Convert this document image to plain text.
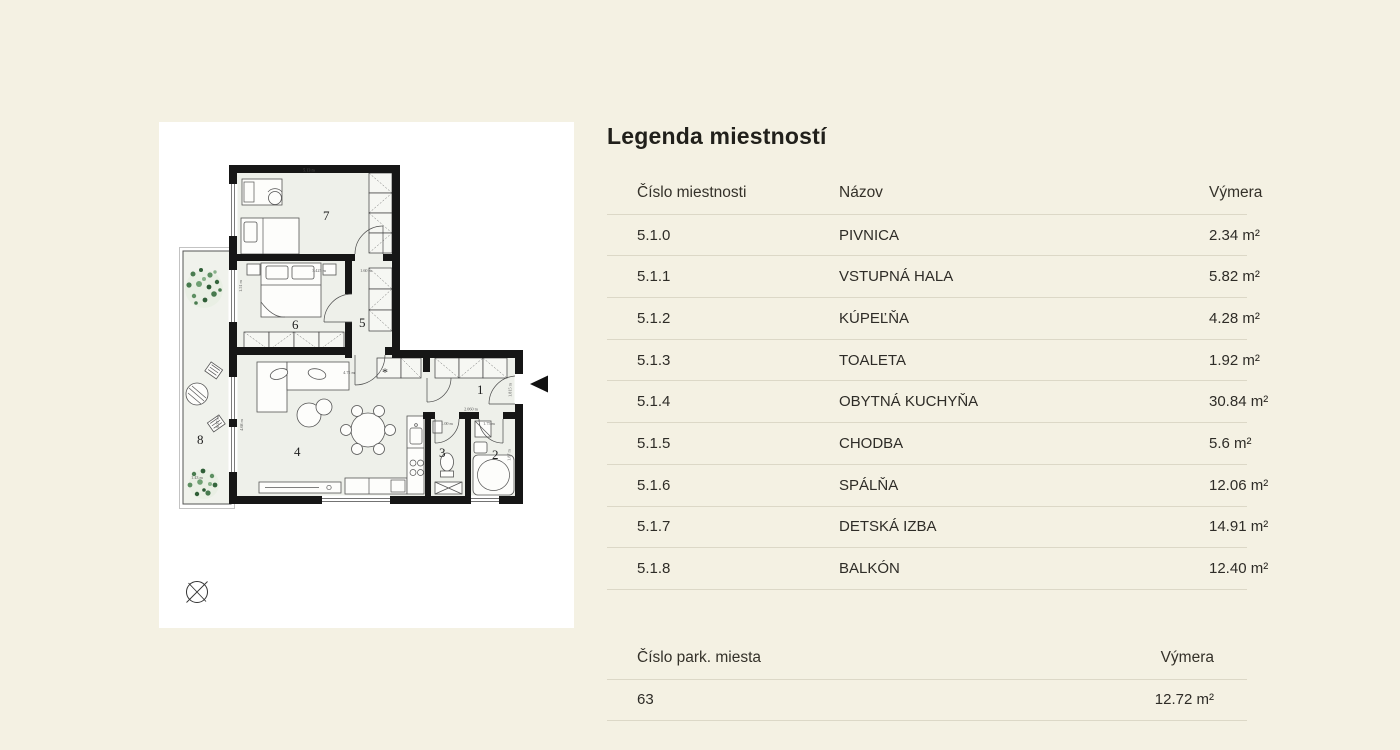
1
2
3
4
5
6
7
8
*
5.13 m
3.425 m	1.60 m
1.51 m
4.71 m
4.68 m
2.060 m
1.815 m
8.37 m
1.43 m
1.00 m	1.75 m
1.87 m
Legenda miestností
Číslo miestnosti	Názov	Výmera
5.1.0	PIVNICA	2.34 m²
5.1.1	VSTUPNÁ HALA	5.82 m²
5.1.2	KÚPEĽŇA	4.28 m²
5.1.3	TOALETA	1.92 m²
5.1.4	OBYTNÁ KUCHYŇA	30.84 m²
5.1.5	CHODBA	5.6 m²
5.1.6	SPÁLŇA	12.06 m²
5.1.7	DETSKÁ IZBA	14.91 m²
5.1.8	BALKÓN	12.40 m²
Číslo park. miesta	Výmera
63	12.72 m²
